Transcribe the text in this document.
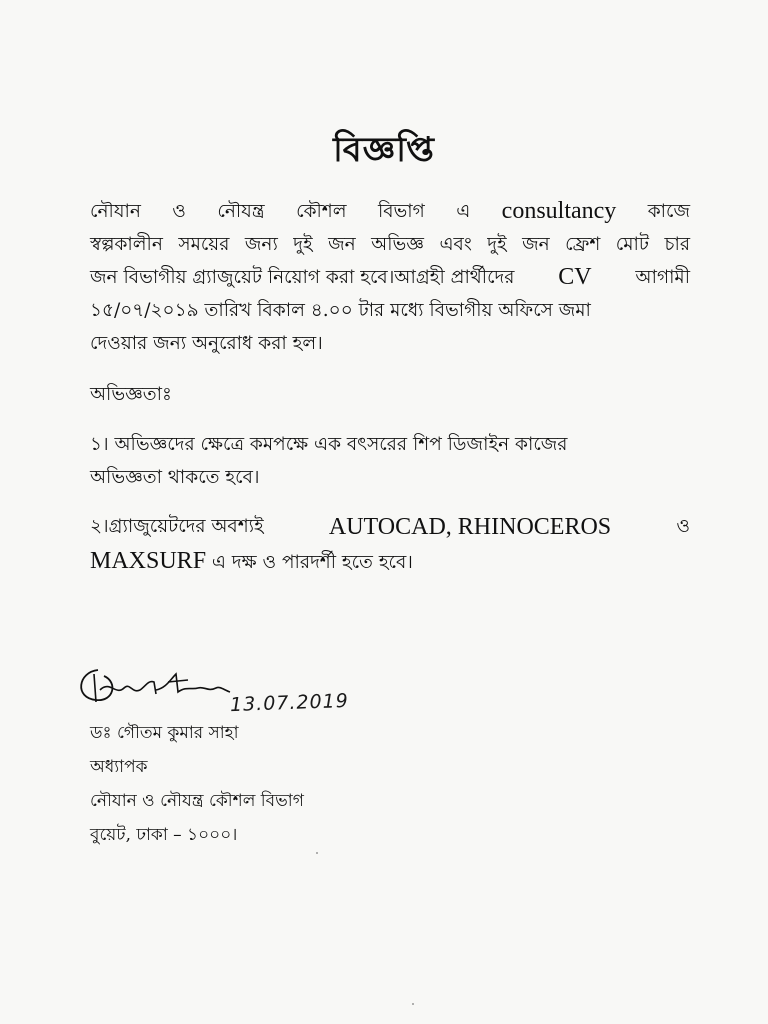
বিজ্ঞপ্তি
নৌযান ও নৌযন্ত্র কৌশল বিভাগ এ consultancy কাজে
স্বল্পকালীন সময়ের জন্য দুই জন অভিজ্ঞ এবং দুই জন ফ্রেশ মোট চার
জন বিভাগীয় গ্র্যাজুয়েট নিয়োগ করা হবে।আগ্রহী প্রার্থীদের CV আগামী
১৫/০৭/২০১৯ তারিখ বিকাল ৪.০০ টার মধ্যে বিভাগীয় অফিসে জমা
দেওয়ার জন্য অনুরোধ করা হল।
অভিজ্ঞতাঃ
১। অভিজ্ঞদের ক্ষেত্রে কমপক্ষে এক বৎসরের শিপ ডিজাইন কাজের
অভিজ্ঞতা থাকতে হবে।
২।গ্র্যাজুয়েটদের অবশ্যই	AUTOCAD, RHINOCEROS	ও
MAXSURF এ দক্ষ ও পারদর্শী হতে হবে।
13.07.2019
ডঃ গৌতম কুমার সাহা
অধ্যাপক
নৌযান ও নৌযন্ত্র কৌশল বিভাগ
বুয়েট, ঢাকা – ১০০০।
